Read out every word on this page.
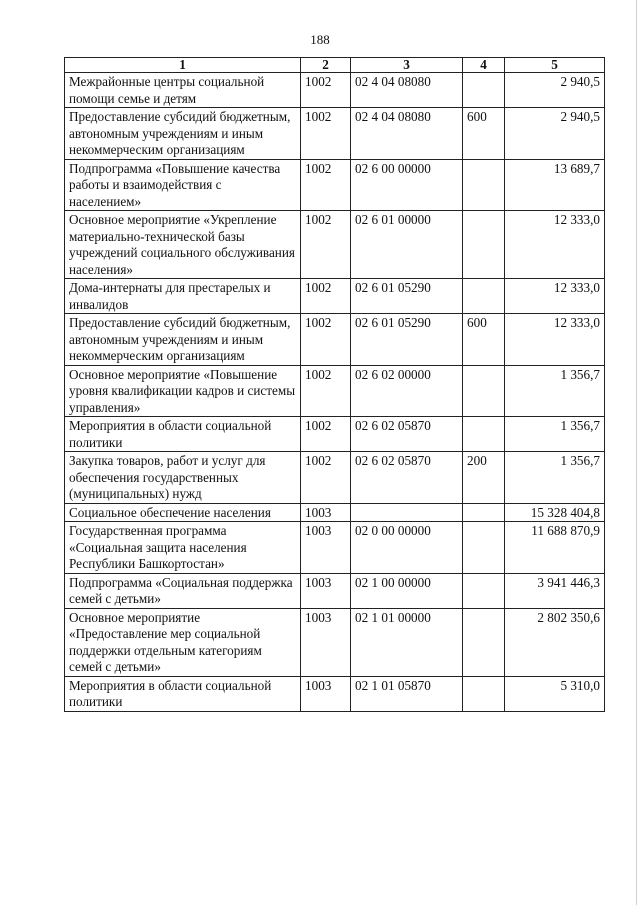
188
1	2	3	4	5
Межрайонные центры социальной помощи семье и детям	1002	02 4 04 08080		2 940,5
Предоставление субсидий бюджетным, автономным учреждениям и иным некоммерческим организациям	1002	02 4 04 08080	600	2 940,5
Подпрограмма «Повышение качества работы и взаимодействия с населением»	1002	02 6 00 00000		13 689,7
Основное мероприятие «Укрепление материально-технической базы учреждений социального обслуживания населения»	1002	02 6 01 00000		12 333,0
Дома-интернаты для престарелых и инвалидов	1002	02 6 01 05290		12 333,0
Предоставление субсидий бюджетным, автономным учреждениям и иным некоммерческим организациям	1002	02 6 01 05290	600	12 333,0
Основное мероприятие «Повышение уровня квалификации кадров и системы управления»	1002	02 6 02 00000		1 356,7
Мероприятия в области социальной политики	1002	02 6 02 05870		1 356,7
Закупка товаров, работ и услуг для обеспечения государственных (муниципальных) нужд	1002	02 6 02 05870	200	1 356,7
Социальное обеспечение населения	1003			15 328 404,8
Государственная программа «Социальная защита населения Республики Башкортостан»	1003	02 0 00 00000		11 688 870,9
Подпрограмма «Социальная поддержка семей с детьми»	1003	02 1 00 00000		3 941 446,3
Основное мероприятие «Предоставление мер социальной поддержки отдельным категориям семей с детьми»	1003	02 1 01 00000		2 802 350,6
Мероприятия в области социальной политики	1003	02 1 01 05870		5 310,0
